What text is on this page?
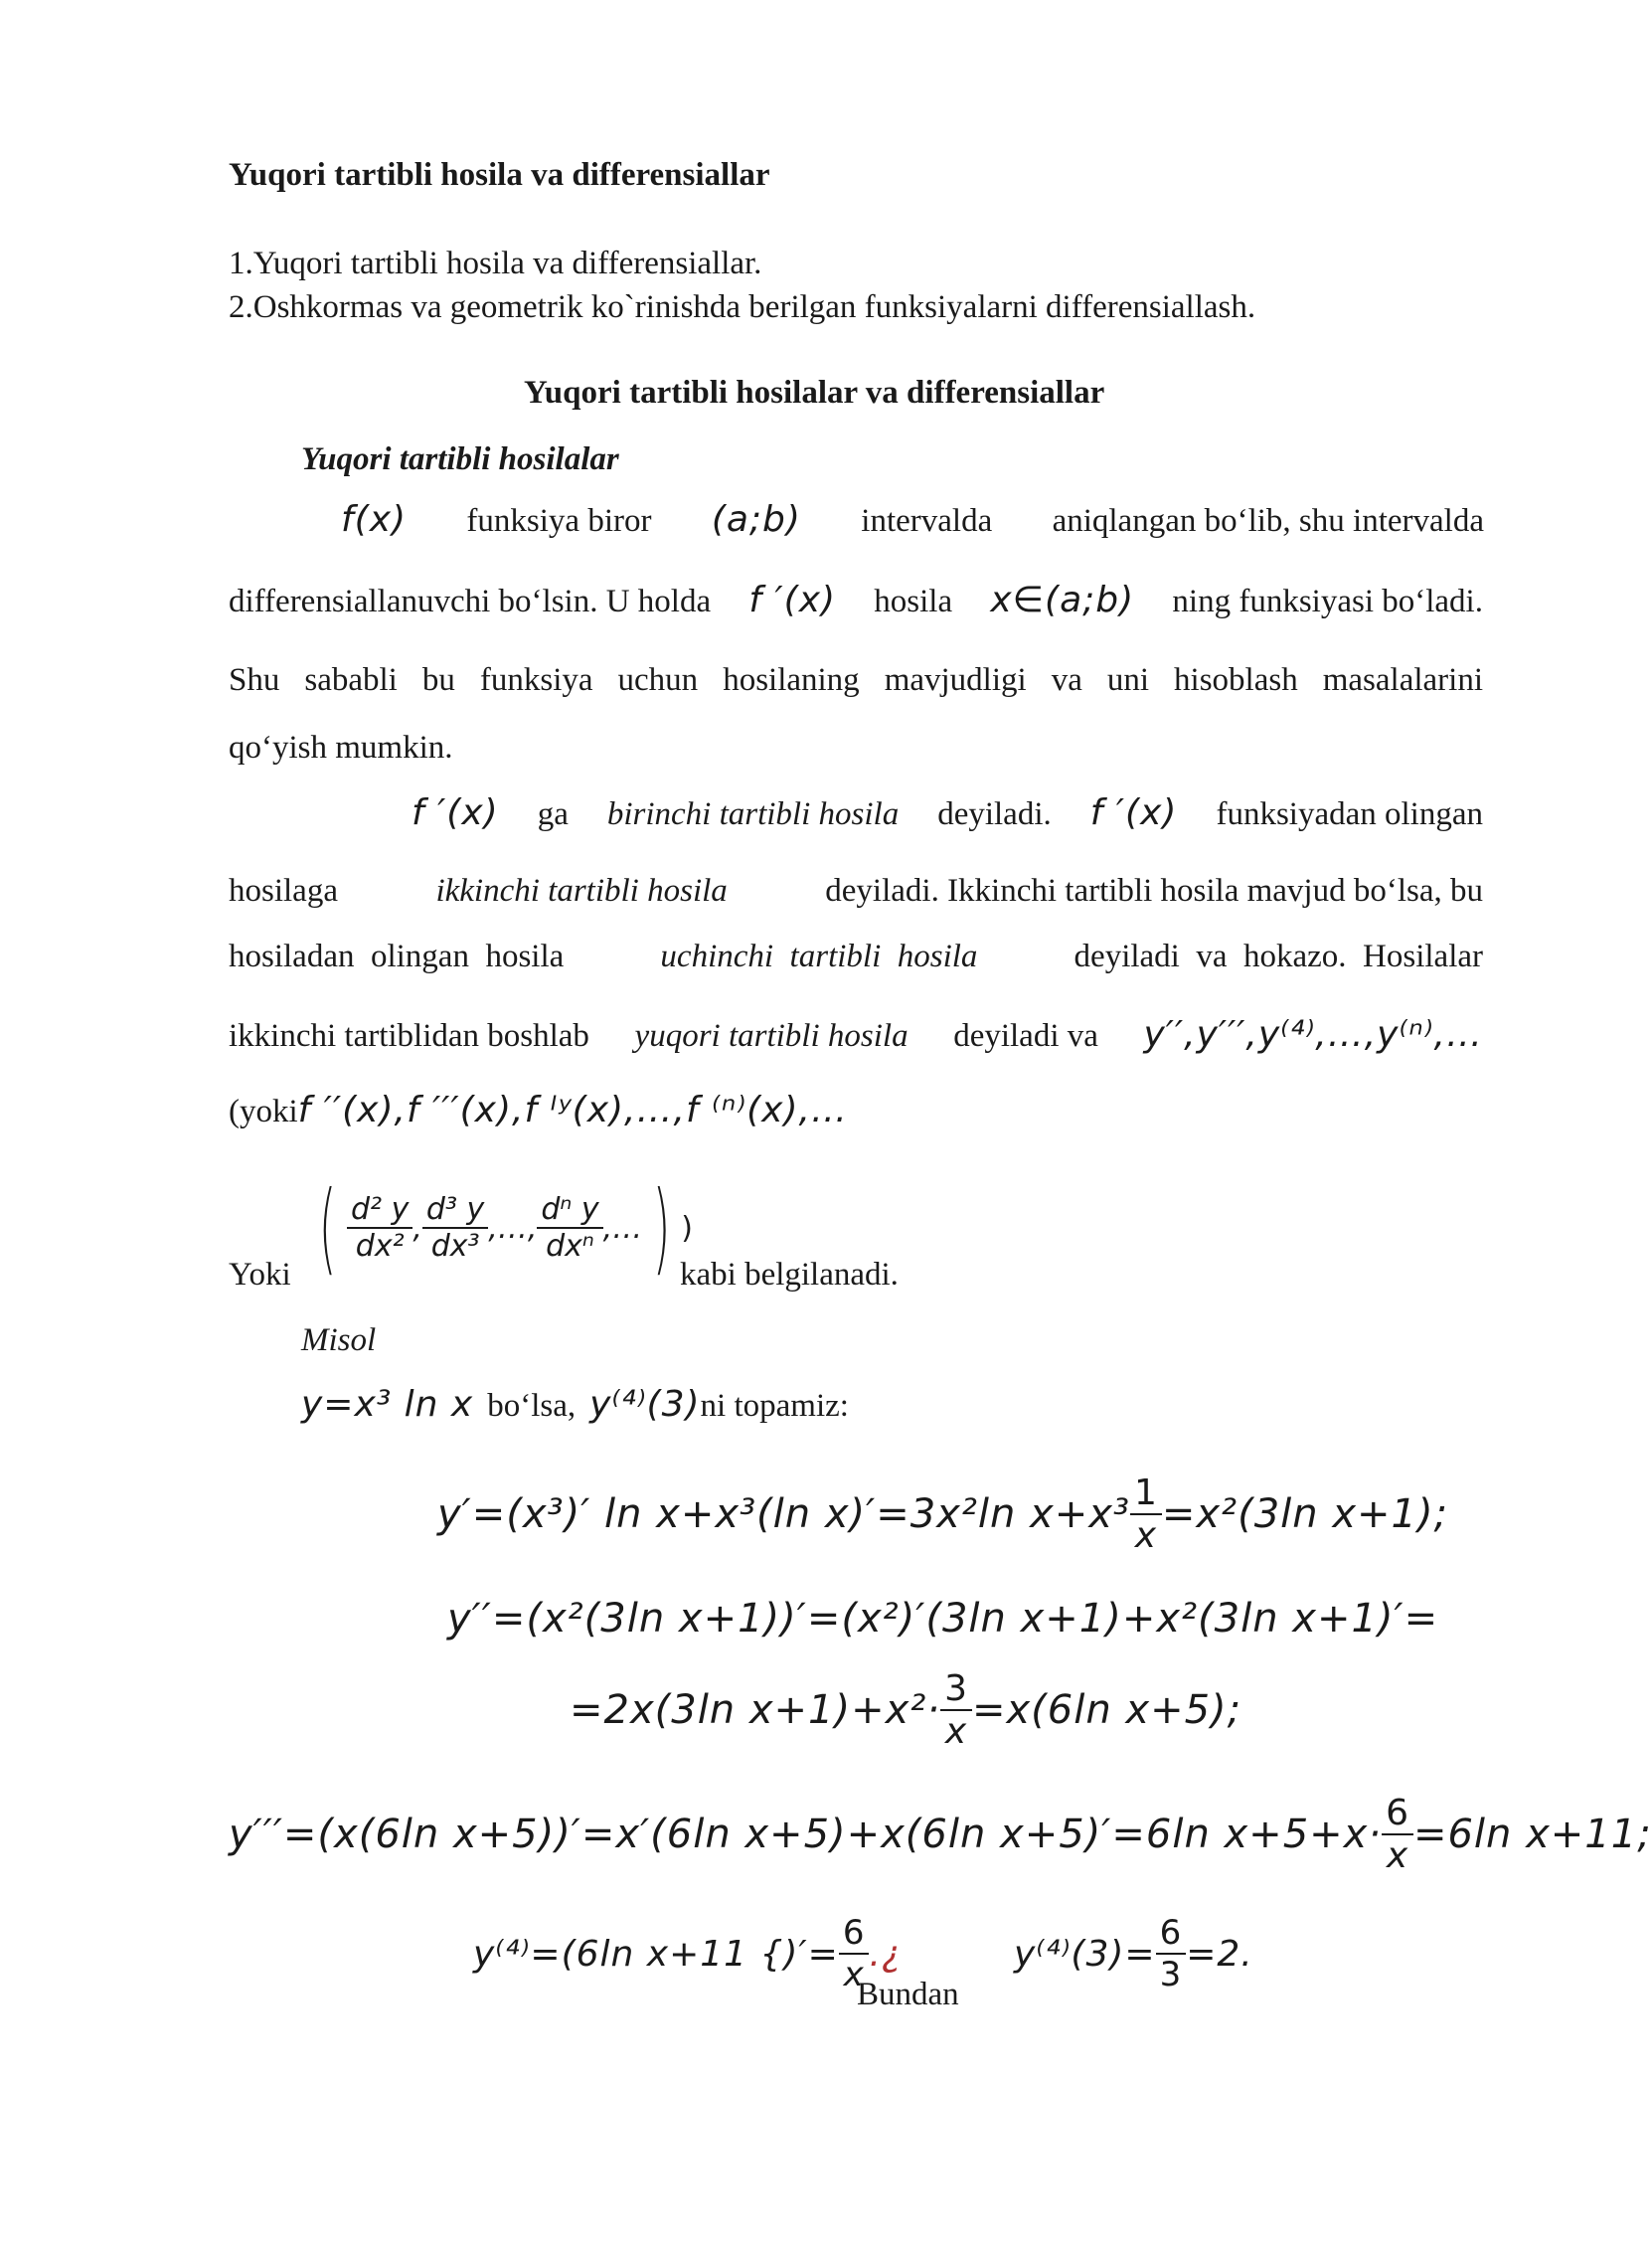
Yuqori tartibli hosila va differensiallar
1.Yuqori tartibli hosila va differensiallar.
2.Oshkormas va geometrik ko`rinishda berilgan funksiyalarni differensiallash.
Yuqori tartibli hosilalar va differensiallar
Yuqori tartibli hosilalar
f(x) funksiya biror (a;b) intervalda aniqlangan bo‘lib, shu intervalda
differensiallanuvchi bo‘lsin. U holda f ′(x) hosila x∈(a;b) ning funksiyasi bo‘ladi.
Shu sababli bu funksiya uchun hosilaning mavjudligi va uni hisoblash masalalarini
qo‘yish mumkin.
f ′(x) ga birinchi tartibli hosila deyiladi. f ′(x) funksiyadan olingan
hosilaga	ikkinchi tartibli hosila	deyiladi. Ikkinchi tartibli hosila mavjud bo‘lsa, bu
hosiladan  olingan  hosila	uchinchi  tartibli  hosila	deyiladi  va  hokazo.  Hosilalar
ikkinchi tartiblidan boshlab yuqori tartibli hosila deyiladi va y′′,y′′′,y⁽⁴⁾,…,y⁽ⁿ⁾,…
(yoki f ′′(x),f ′′′(x),f ᴵʸ(x),…,f ⁽ⁿ⁾(x),…
Yoki ( $\frac{\text{d² y}}{\text{dx²}}$ , $\frac{\text{d³ y}}{\text{dx³}}$ ,…, $\frac{\text{dⁿ y}}{\text{dxⁿ}}$ ,… ) )
kabi belgilanadi.
Misol
y=x³ ln x bo‘lsa, y⁽⁴⁾(3) ni topamiz:
y′=(x³)′ ln x+x³(ln x)′=3x²ln $x+x^3 \frac{1}{x} =x^2(3\ln$ x+1);
y′′=(x²(3ln x+1))′=(x²)′(3ln x+1)+x²(3ln x+1)′=
=2x(3ln $x+1)+x^2\cdot \frac{3}{x} =x(6\ln$ x+5);
y′′′=(x(6ln x+5))′=x′(6ln x+5)+x(6ln x+5)′=6ln $x+5+x\cdot \frac{6}{x} =6\ln$ x+11;
y⁽⁴⁾=(6ln x+11 {)′= $\frac{6}{x}$ .¿
Bundan
$y^{(4)}(3)= \frac{6}{3} =2$.
